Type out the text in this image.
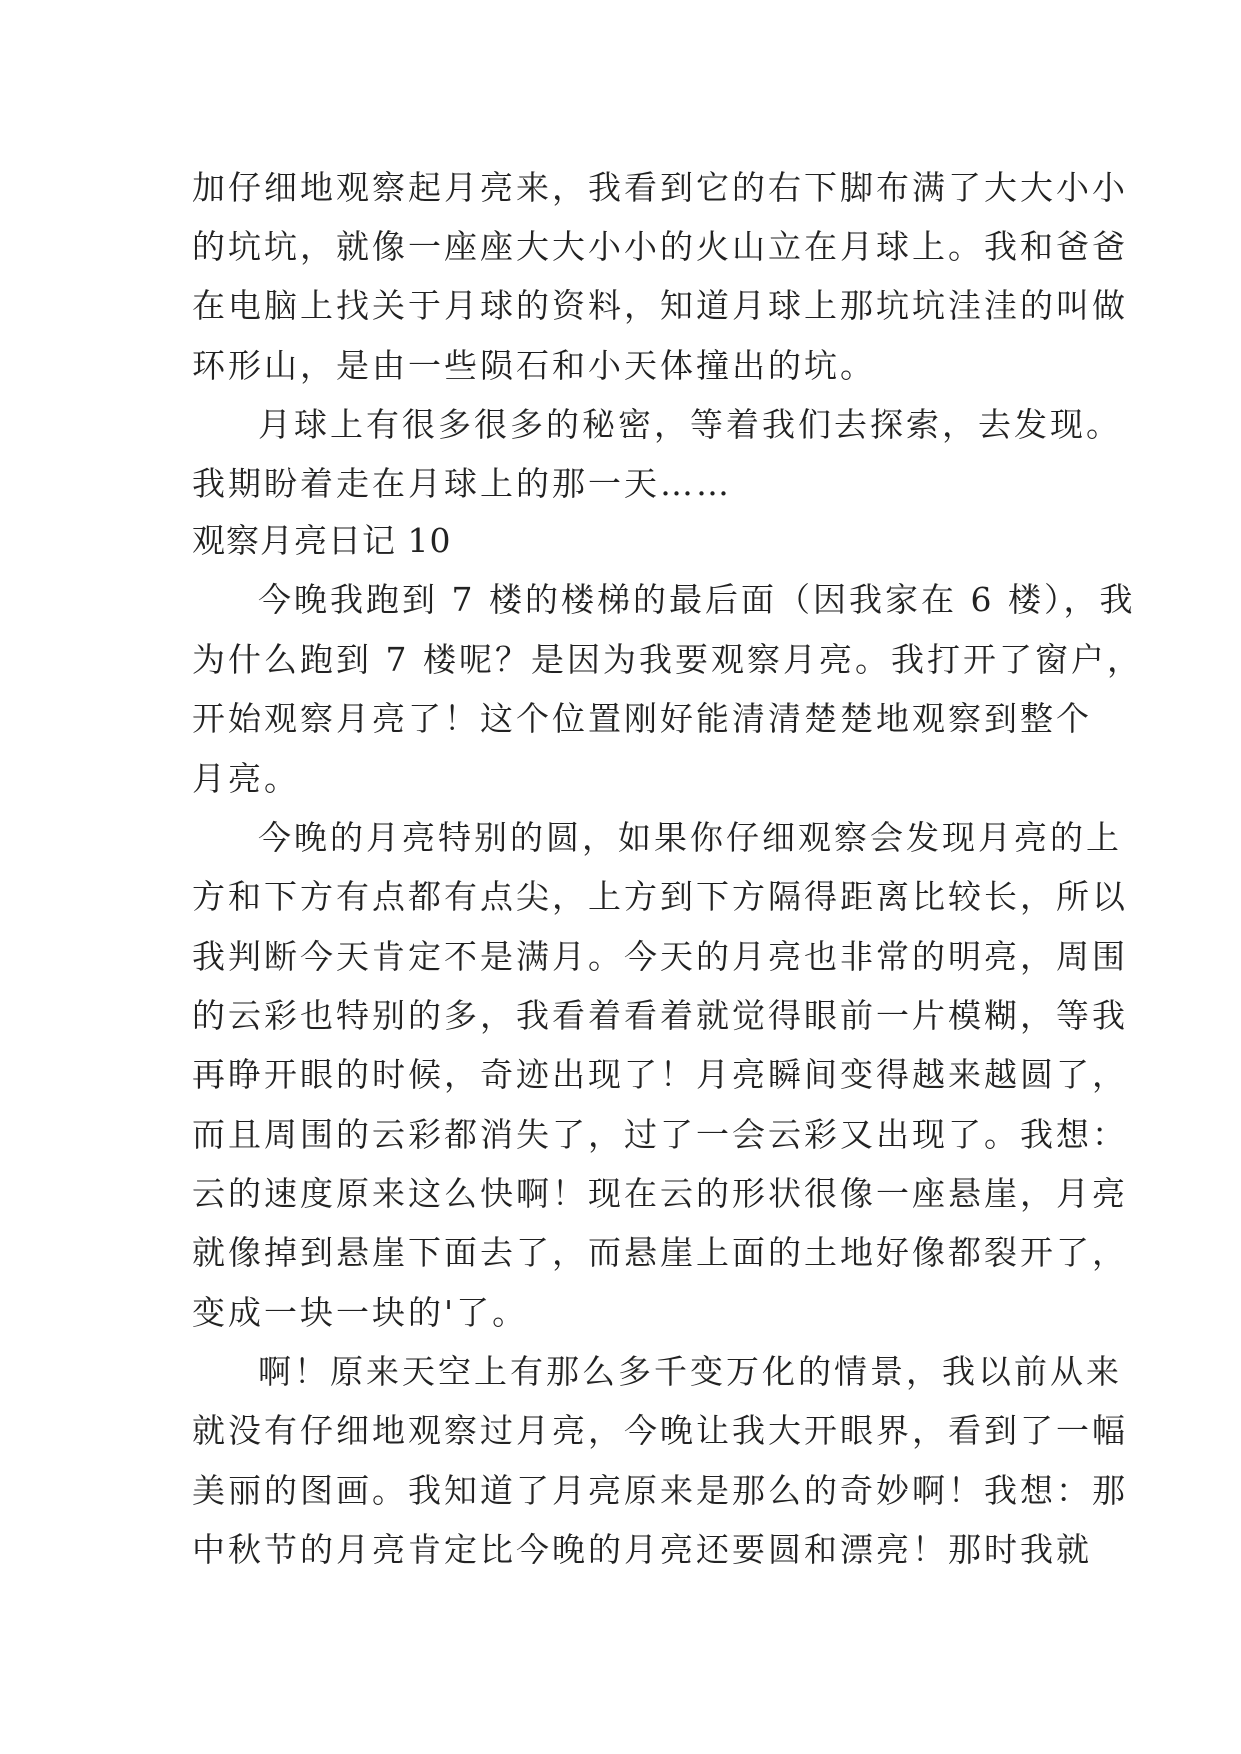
加仔细地观察起月亮来，我看到它的右下脚布满了大大小小
的坑坑，就像一座座大大小小的火山立在月球上。我和爸爸
在电脑上找关于月球的资料，知道月球上那坑坑洼洼的叫做
环形山，是由一些陨石和小天体撞出的坑。
月球上有很多很多的秘密，等着我们去探索，去发现。
我期盼着走在月球上的那一天……
观察月亮日记 10
今晚我跑到 7 楼的楼梯的最后面（因我家在 6 楼），我
为什么跑到 7 楼呢？是因为我要观察月亮。我打开了窗户，
开始观察月亮了！这个位置刚好能清清楚楚地观察到整个
月亮。
今晚的月亮特别的圆，如果你仔细观察会发现月亮的上
方和下方有点都有点尖，上方到下方隔得距离比较长，所以
我判断今天肯定不是满月。今天的月亮也非常的明亮，周围
的云彩也特别的多，我看着看着就觉得眼前一片模糊，等我
再睁开眼的时候，奇迹出现了！月亮瞬间变得越来越圆了，
而且周围的云彩都消失了，过了一会云彩又出现了。我想：
云的速度原来这么快啊！现在云的形状很像一座悬崖，月亮
就像掉到悬崖下面去了，而悬崖上面的土地好像都裂开了，
变成一块一块的'了。
啊！原来天空上有那么多千变万化的情景，我以前从来
就没有仔细地观察过月亮，今晚让我大开眼界，看到了一幅
美丽的图画。我知道了月亮原来是那么的奇妙啊！我想：那
中秋节的月亮肯定比今晚的月亮还要圆和漂亮！那时我就
